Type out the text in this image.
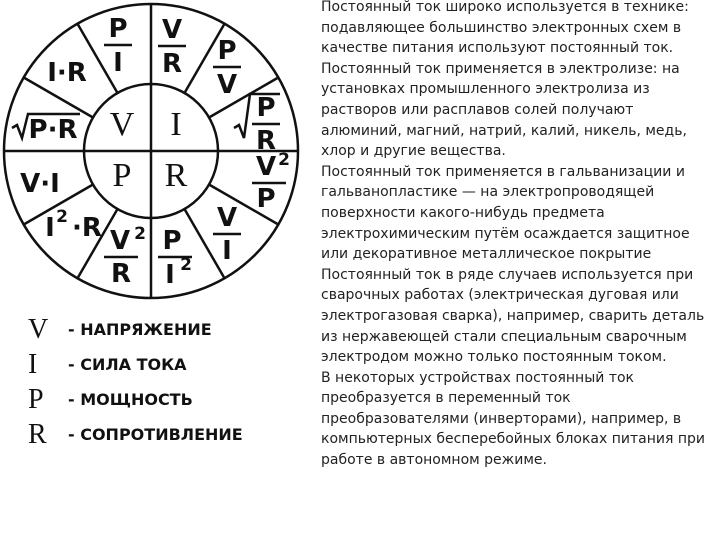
V I
P R
P
I
V
R
I·R
P
V
P·R
P
R
V·I
V 2
P
I 2 ·R	V
I
V 2
R
P
I 2
V - НАПРЯЖЕНИЕ
I - СИЛА ТОКА
P - МОЩНОСТЬ
R - СОПРОТИВЛЕНИЕ

Постоянный ток широко используется в технике: подавляющее большинство электронных схем в качестве питания используют постоянный ток.

Постоянный ток применяется в электролизе: на установках промышленного электролиза из растворов или расплавов солей получают алюминий, магний, натрий, калий, никель, медь, хлор и другие вещества.

Постоянный ток применяется в гальванизации и гальванопластике — на электропроводящей поверхности какого-нибудь предмета электрохимическим путём осаждается защитное или декоративное металлическое покрытие

Постоянный ток в ряде случаев используется при сварочных работах (электрическая дуговая или электрогазовая сварка), например, сварить деталь из нержавеющей стали специальным сварочным электродом можно только постоянным током.

В некоторых устройствах постоянный ток преобразуется в переменный ток преобразователями (инверторами), например, в компьютерных бесперебойных блоках питания при работе в автономном режиме.
